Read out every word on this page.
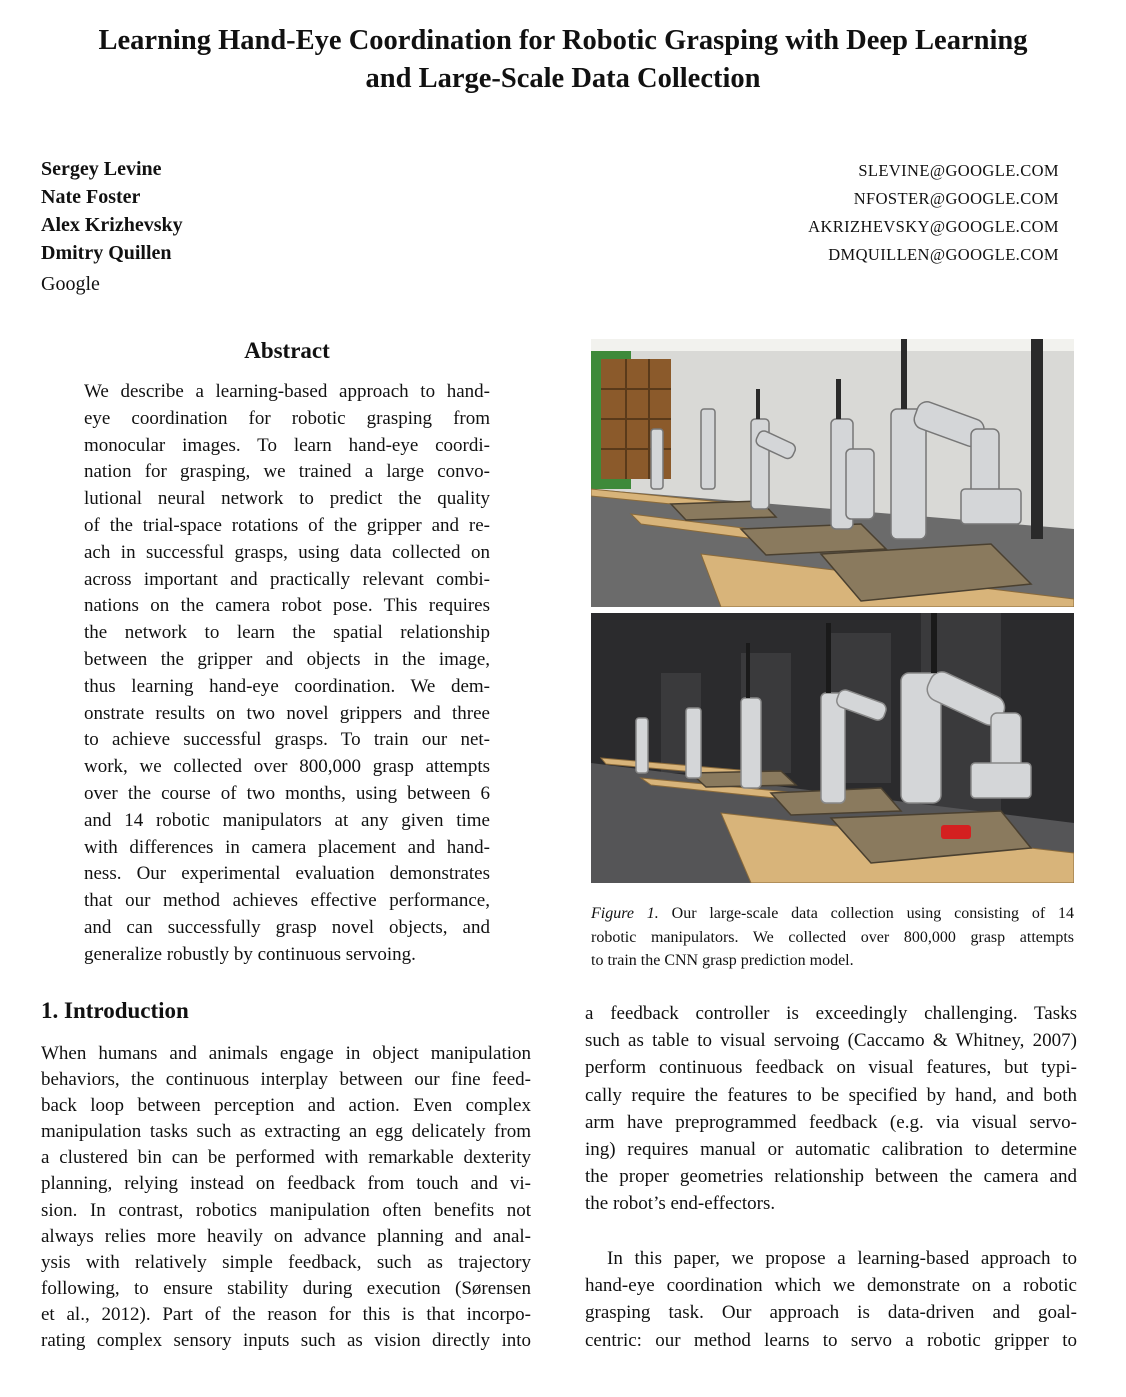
Learning Hand-Eye Coordination for Robotic Grasping with Deep Learning
and Large-Scale Data Collection
Sergey Levine
Nate Foster
Alex Krizhevsky
Dmitry Quillen
Google
SLEVINE@GOOGLE.COM
NFOSTER@GOOGLE.COM
AKRIZHEVSKY@GOOGLE.COM
DMQUILLEN@GOOGLE.COM
Abstract
We describe a learning-based approach to hand-
eye coordination for robotic grasping from
monocular images. To learn hand-eye coordi-
nation for grasping, we trained a large convo-
lutional neural network to predict the quality
of the trial-space rotations of the gripper and re-
ach in successful grasps, using data collected on
across important and practically relevant combi-
nations on the camera robot pose. This requires
the network to learn the spatial relationship
between the gripper and objects in the image,
thus learning hand-eye coordination. We dem-
onstrate results on two novel grippers and three
to achieve successful grasps. To train our net-
work, we collected over 800,000 grasp attempts
over the course of two months, using between 6
and 14 robotic manipulators at any given time
with differences in camera placement and hand-
ness. Our experimental evaluation demonstrates
that our method achieves effective performance,
and can successfully grasp novel objects, and
generalize robustly by continuous servoing.
Figure 1. Our large-scale data collection using consisting of 14
robotic manipulators. We collected over 800,000 grasp attempts
to train the CNN grasp prediction model.
1. Introduction
When humans and animals engage in object manipulation
behaviors, the continuous interplay between our fine feed-
back loop between perception and action. Even complex
manipulation tasks such as extracting an egg delicately from
a clustered bin can be performed with remarkable dexterity
planning, relying instead on feedback from touch and vi-
sion. In contrast, robotics manipulation often benefits not
always relies more heavily on advance planning and anal-
ysis with relatively simple feedback, such as trajectory
following, to ensure stability during execution (Sørensen
et al., 2012). Part of the reason for this is that incorpo-
rating complex sensory inputs such as vision directly into
a feedback controller is exceedingly challenging. Tasks
such as table to visual servoing (Caccamo & Whitney, 2007)
perform continuous feedback on visual features, but typi-
cally require the features to be specified by hand, and both
arm have preprogrammed feedback (e.g. via visual servo-
ing) requires manual or automatic calibration to determine
the proper geometries relationship between the camera and
the robot’s end-effectors.
In this paper, we propose a learning-based approach to
hand-eye coordination which we demonstrate on a robotic
grasping task. Our approach is data-driven and goal-
centric: our method learns to servo a robotic gripper to
